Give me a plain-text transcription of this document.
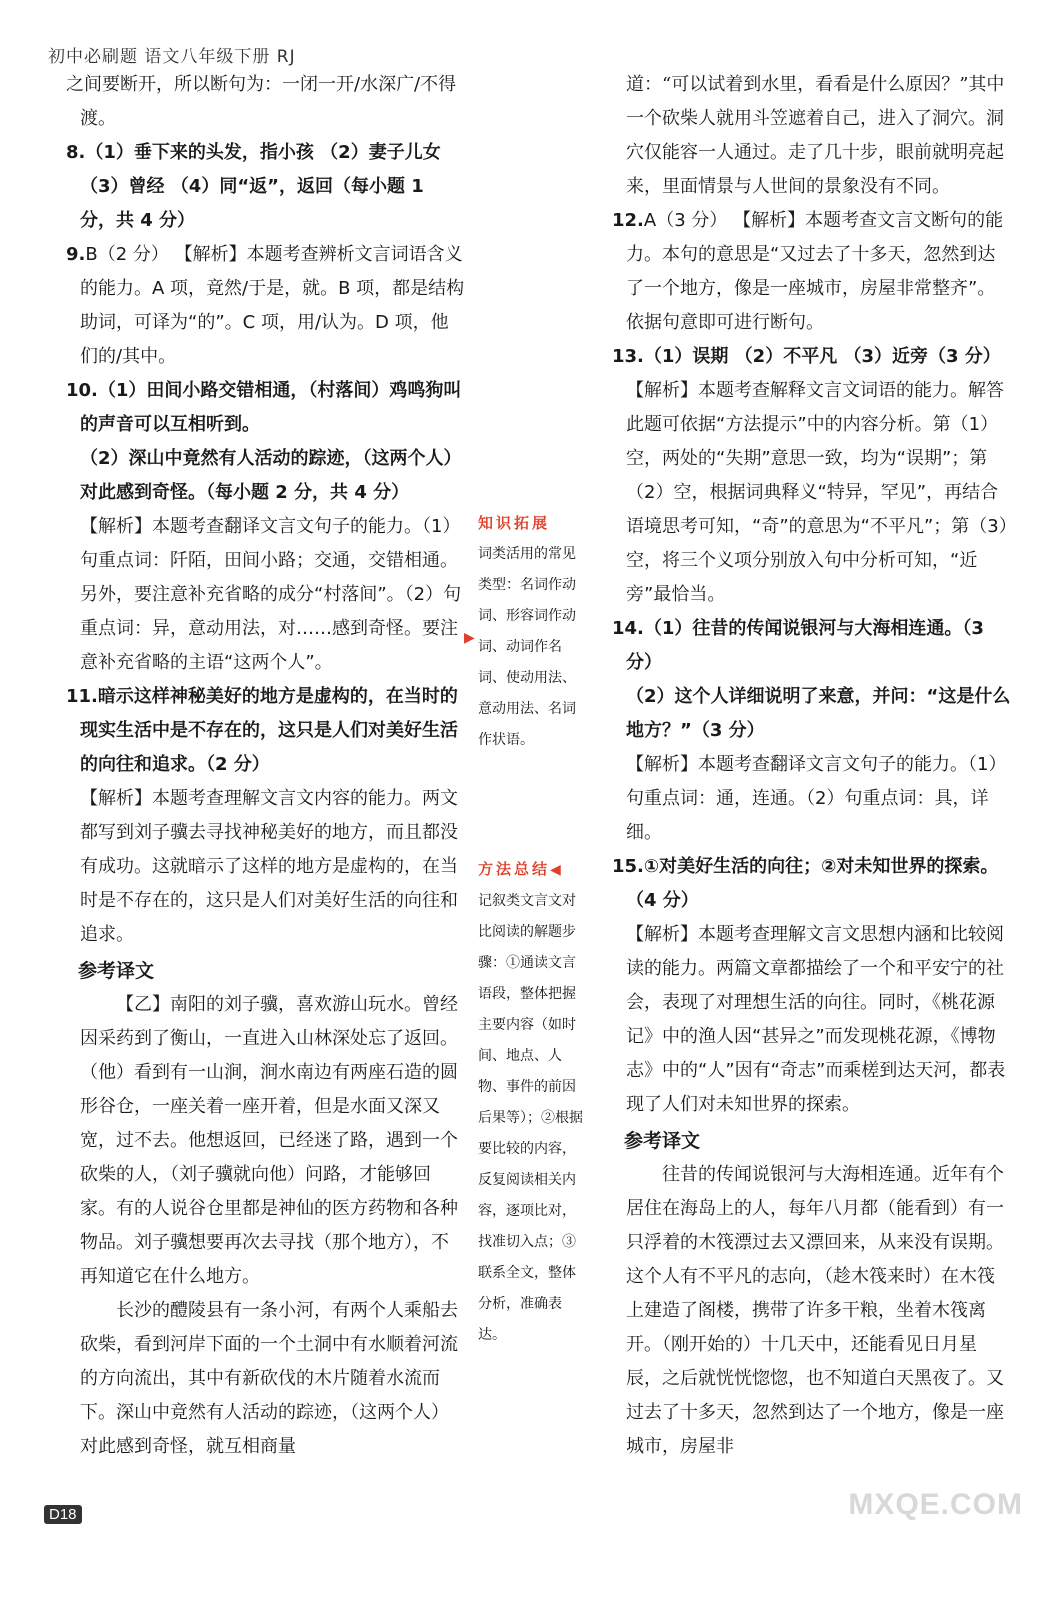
初中必刷题 语文八年级下册 RJ

之间要断开，所以断句为：一闭一开/水深广/不得渡。

8.（1）垂下来的头发，指小孩 （2）妻子儿女 （3）曾经 （4）同“返”，返回（每小题 1 分，共 4 分）

9.B（2 分） 【解析】本题考查辨析文言词语含义的能力。A 项，竟然/于是，就。B 项，都是结构助词，可译为“的”。C 项，用/认为。D 项，他们的/其中。

10.（1）田间小路交错相通，（村落间）鸡鸣狗叫的声音可以互相听到。

（2）深山中竟然有人活动的踪迹，（这两个人）对此感到奇怪。（每小题 2 分，共 4 分）

【解析】本题考查翻译文言文句子的能力。（1）句重点词：阡陌，田间小路；交通，交错相通。另外，要注意补充省略的成分“村落间”。（2）句重点词：异，意动用法，对……感到奇怪。要注意补充省略的主语“这两个人”。

11.暗示这样神秘美好的地方是虚构的，在当时的现实生活中是不存在的，这只是人们对美好生活的向往和追求。（2 分）

【解析】本题考查理解文言文内容的能力。两文都写到刘子骥去寻找神秘美好的地方，而且都没有成功。这就暗示了这样的地方是虚构的，在当时是不存在的，这只是人们对美好生活的向往和追求。

参考译文

【乙】南阳的刘子骥，喜欢游山玩水。曾经因采药到了衡山，一直进入山林深处忘了返回。（他）看到有一山涧，涧水南边有两座石造的圆形谷仓，一座关着一座开着，但是水面又深又宽，过不去。他想返回，已经迷了路，遇到一个砍柴的人，（刘子骥就向他）问路，才能够回家。有的人说谷仓里都是神仙的医方药物和各种物品。刘子骥想要再次去寻找（那个地方），不再知道它在什么地方。

长沙的醴陵县有一条小河，有两个人乘船去砍柴，看到河岸下面的一个土洞中有水顺着河流的方向流出，其中有新砍伐的木片随着水流而下。深山中竟然有人活动的踪迹，（这两个人）对此感到奇怪，就互相商量

知识拓展
词类活用的常见类型：名词作动词、形容词作动词、动词作名词、使动用法、意动用法、名词作状语。
▶
方法总结◀
记叙类文言文对比阅读的解题步骤：①通读文言语段，整体把握主要内容（如时间、地点、人物、事件的前因后果等）；②根据要比较的内容，反复阅读相关内容，逐项比对，找准切入点；③联系全文，整体分析，准确表达。

道：“可以试着到水里，看看是什么原因？”其中一个砍柴人就用斗笠遮着自己，进入了洞穴。洞穴仅能容一人通过。走了几十步，眼前就明亮起来，里面情景与人世间的景象没有不同。

12.A（3 分） 【解析】本题考查文言文断句的能力。本句的意思是“又过去了十多天，忽然到达了一个地方，像是一座城市，房屋非常整齐”。依据句意即可进行断句。

13.（1）误期 （2）不平凡 （3）近旁（3 分）

【解析】本题考查解释文言文词语的能力。解答此题可依据“方法提示”中的内容分析。第（1）空，两处的“失期”意思一致，均为“误期”；第（2）空，根据词典释义“特异，罕见”，再结合语境思考可知，“奇”的意思为“不平凡”；第（3）空，将三个义项分别放入句中分析可知，“近旁”最恰当。

14.（1）往昔的传闻说银河与大海相连通。（3 分）

（2）这个人详细说明了来意，并问：“这是什么地方？”（3 分）

【解析】本题考查翻译文言文句子的能力。（1）句重点词：通，连通。（2）句重点词：具，详细。

15.①对美好生活的向往；②对未知世界的探索。（4 分）

【解析】本题考查理解文言文思想内涵和比较阅读的能力。两篇文章都描绘了一个和平安宁的社会，表现了对理想生活的向往。同时，《桃花源记》中的渔人因“甚异之”而发现桃花源，《博物志》中的“人”因有“奇志”而乘槎到达天河，都表现了人们对未知世界的探索。

参考译文

往昔的传闻说银河与大海相连通。近年有个居住在海岛上的人，每年八月都（能看到）有一只浮着的木筏漂过去又漂回来，从来没有误期。这个人有不平凡的志向，（趁木筏来时）在木筏上建造了阁楼，携带了许多干粮，坐着木筏离开。（刚开始的）十几天中，还能看见日月星辰，之后就恍恍惚惚，也不知道白天黑夜了。又过去了十多天，忽然到达了一个地方，像是一座城市，房屋非

D18	MXQE.COM
